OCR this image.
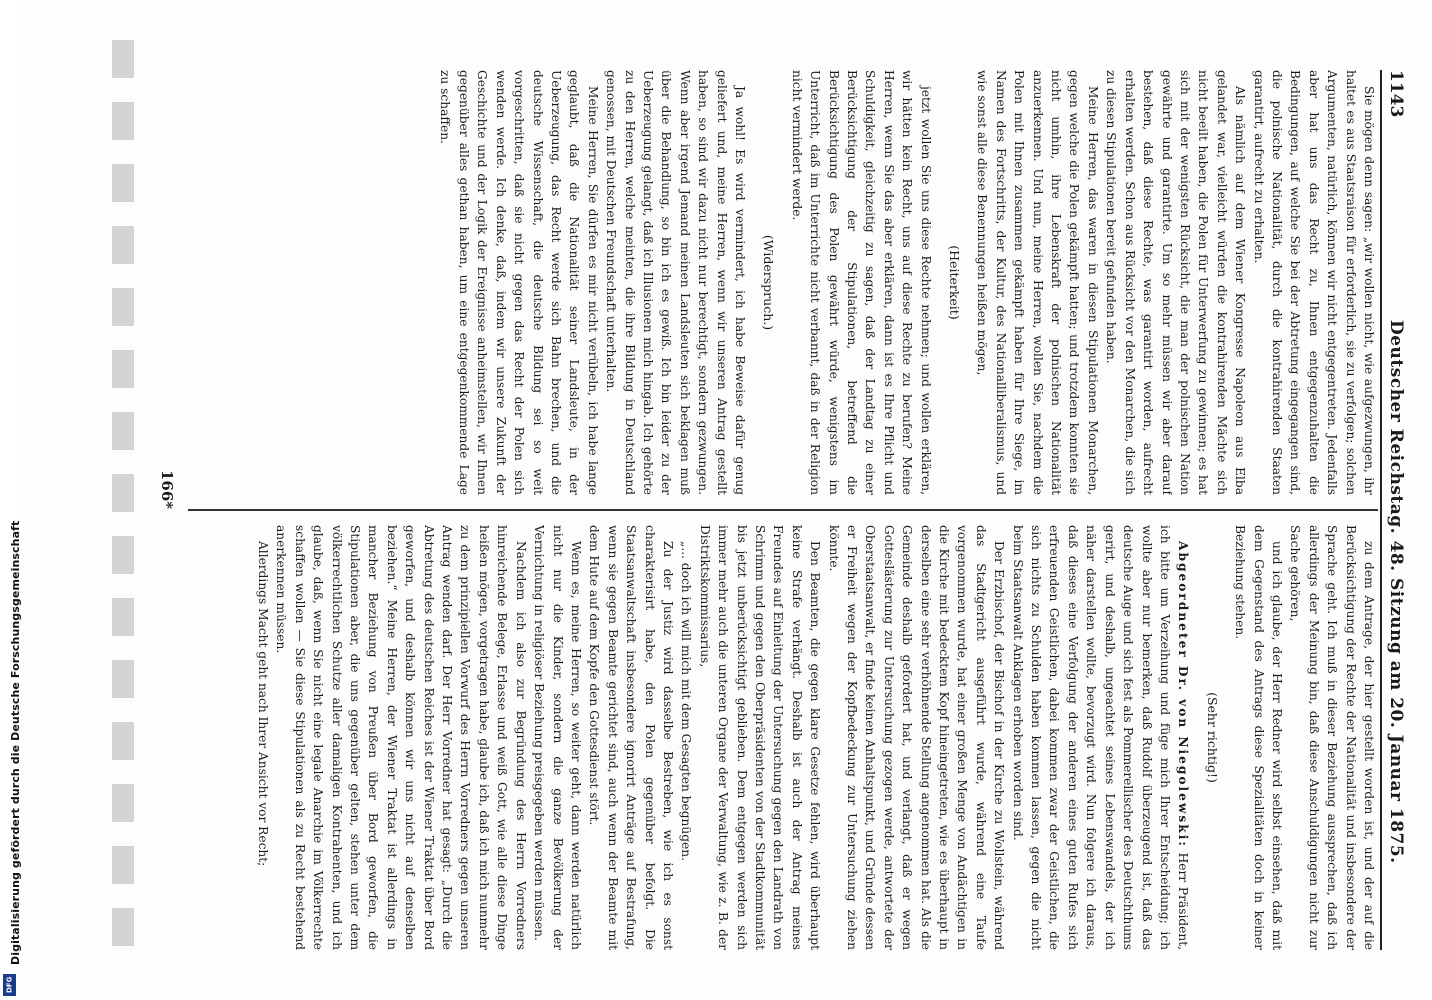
Digitalisierung gefördert durch die Deutsche Forschungsgemeinschaft
DFG
1143
Deutscher Reichstag. 48. Sitzung am 20. Januar 1875.

Sie mögen denn sagen: „wir wollen nicht, wie aufgezwungen, ihr haltet es aus Staatsraison für erforderlich, sie zu verfolgen; solchen Argumenten, natürlich, können wir nicht entgegentreten. Jedenfalls aber hat uns das Recht zu, Ihnen entgegenzuhalten die Bedingungen, auf welche Sie bei der Abtretung eingegangen sind, die polnische Nationalität, durch die kontrahirenden Staaten garantirt, aufrecht zu erhalten.

Als nämlich auf dem Wiener Kongresse Napoleon aus Elba gelandet war, vielleicht würden die kontrahirenden Mächte sich nicht beeilt haben, die Polen für Unterwerfung zu gewinnen; es hat sich mit der wenigsten Rücksicht, die man der polnischen Nation gewährte und garantirte. Um so mehr müssen wir aber darauf bestehen, daß diese Rechte, was garantirt worden, aufrecht erhalten werden. Schon aus Rücksicht vor den Monarchen, die sich zu diesen Stipulationen bereit gefunden haben.

Meine Herren, das waren in diesen Stipulationen Monarchen, gegen welche die Polen gekämpft hatten; und trotzdem konnten sie nicht umhin, ihre Lebenskraft der polnischen Nationalität anzuerkennen. Und nun, meine Herren, wollen Sie, nachdem die Polen mit Ihnen zusammen gekämpft haben für Ihre Siege, im Namen des Fortschritts, der Kultur, des Nationalliberalismus, und wie sonst alle diese Benennungen heißen mögen,

(Heiterkeit)

jetzt wollen Sie uns diese Rechte nehmen; und wollen erklären, wir hätten kein Recht, uns auf diese Rechte zu berufen? Meine Herren, wenn Sie das aber erklären, dann ist es Ihre Pflicht und Schuldigkeit, gleichzeitig zu sagen, daß der Landtag zu einer Berücksichtigung der Stipulationen, betreffend die Berücksichtigung des Polen gewährt würde, wenigstens im Unterricht, daß im Unterrichte nicht verbannt, daß in der Religion nicht vermindert werde.

(Widerspruch.)

Ja wohl! Es wird vermindert, ich habe Beweise dafür genug geliefert und, meine Herren, wenn wir unseren Antrag gestellt haben, so sind wir dazu nicht nur berechtigt, sondern gezwungen. Wenn aber irgend Jemand meinen Landsleuten sich beklagen muß über die Behandlung, so bin ich es gewiß. Ich bin leider zu der Ueberzeugung gelangt, daß ich Illusionen mich hingab. Ich gehörte zu den Herren, welche meinten, die ihre Bildung in Deutschland genossen, mit Deutschen Freundschaft unterhalten.

Meine Herren, Sie dürfen es mir nicht verübeln, ich habe lange geglaubt, daß die Nationalität seiner Landsleute, in der Ueberzeugung, das Recht werde sich Bahn brechen, und die deutsche Wissenschaft, die deutsche Bildung sei so weit vorgeschritten, daß sie nicht gegen das Recht der Polen sich wenden werde. Ich denke, daß, indem wir unsere Zukunft der Geschichte und der Logik der Ereignisse anheimstellen, wir Ihnen gegenüber alles gethan haben, um eine entgegenkommende Lage zu schaffen.

zu dem Antrage, der hier gestellt worden ist, und der auf die Berücksichtigung der Rechte der Nationalität und insbesondere der Sprache geht. Ich muß in dieser Beziehung aussprechen, daß ich allerdings der Meinung bin, daß diese Anschuldigungen nicht zur Sache gehören,

und ich glaube, der Herr Redner wird selbst einsehen, daß mit dem Gegenstand des Antrags diese Spezialitäten doch in keiner Beziehung stehen.

(Sehr richtig!)

Abgeordneter Dr. von Niegolewski: Herr Präsident, ich bitte um Verzeihung und füge mich Ihrer Entscheidung; ich wollte aber nur bemerken, daß Rudolf überzeugend ist, daß das deutsche Auge und sich fest als Pommerellischer des Deutschthums gerirt, und deshalb, ungeachtet seines Lebenswandels, der ich näher darstellen wollte, bevorzugt wird. Nun folgere ich daraus, daß dieses eine Verfolgung der anderen eines guten Rufes sich erfreuenden Geistlichen, dabei kommen zwar der Geistlichen, die sich nichts zu Schulden haben kommen lassen, gegen die nicht beim Staatsanwalt Anklagen erhoben worden sind.

Der Erzbischof, der Bischof in der Kirche zu Wollstein, während das Stadtgericht ausgeführt wurde, während eine Taufe vorgenommen wurde, hat einer großen Menge von Andächtigen in die Kirche mit bedecktem Kopf hineingetreten, wie es überhaupt in derselben eine sehr verhöhnende Stellung angenommen hat. Als die Gemeinde deshalb gefordert hat, und verlangt, daß er wegen Gotteslästerung zur Untersuchung gezogen werde, antwortete der Oberstaatsanwalt, er finde keinen Anhaltspunkt, und Gründe dessen er Freiheit wegen der Kopfbedeckung zur Untersuchung ziehen könnte.

Den Beamten, die gegen klare Gesetze fehlen, wird überhaupt keine Strafe verhängt. Deshalb ist auch der Antrag meines Freundes auf Einleitung der Untersuchung gegen den Landrath von Schrimm und gegen den Oberpräsidenten von der Stadtkommunität bis jetzt unberücksichtigt geblieben. Dem entgegen werden sich immer mehr auch die unteren Organe der Verwaltung, wie z. B. der Distriktskommissarius,

„... doch ich will mich mit dem Gesagten begnügen.

Zu der Justiz wird dasselbe Bestreben, wie ich es sonst charakterisirt habe, den Polen gegenüber befolgt. Die Staatsanwaltschaft insbesondere ignorirt Anträge auf Bestrafung, wenn sie gegen Beamte gerichtet sind, auch wenn der Beamte mit dem Hute auf dem Kopfe den Gottesdienst stört.

Wenn es, meine Herren, so weiter geht, dann werden natürlich nicht nur die Kinder, sondern die ganze Bevölkerung der Vernichtung in religiöser Beziehung preisgegeben werden müssen.

Nachdem ich also zur Begründung des Herrn Vorredners hinreichende Belege, Erlasse und weiß Gott, wie alle diese Dinge heißen mögen, vorgetragen habe, glaube ich, daß ich mich nunmehr zu dem prinzipiellen Vorwurf des Herrn Vorredners gegen unseren Antrag wenden darf. Der Herr Vorredner hat gesagt: „Durch die Abtretung des deutschen Reiches ist der Wiener Traktat über Bord geworfen, und deshalb können wir uns nicht auf denselben beziehen.“ Meine Herren, der Wiener Traktat ist allerdings in mancher Beziehung von Preußen über Bord geworfen, die Stipulationen aber, die uns gegenüber gelten, stehen unter dem völkerrechtlichen Schutze aller damaligen Kontrahenten, und ich glaube, daß, wenn Sie nicht eine legale Anarchie im Völkerrechte schaffen wollen — Sie diese Stipulationen als zu Recht bestehend anerkennen müssen.

Allerdings Macht geht nach Ihrer Ansicht vor Recht;

166*
